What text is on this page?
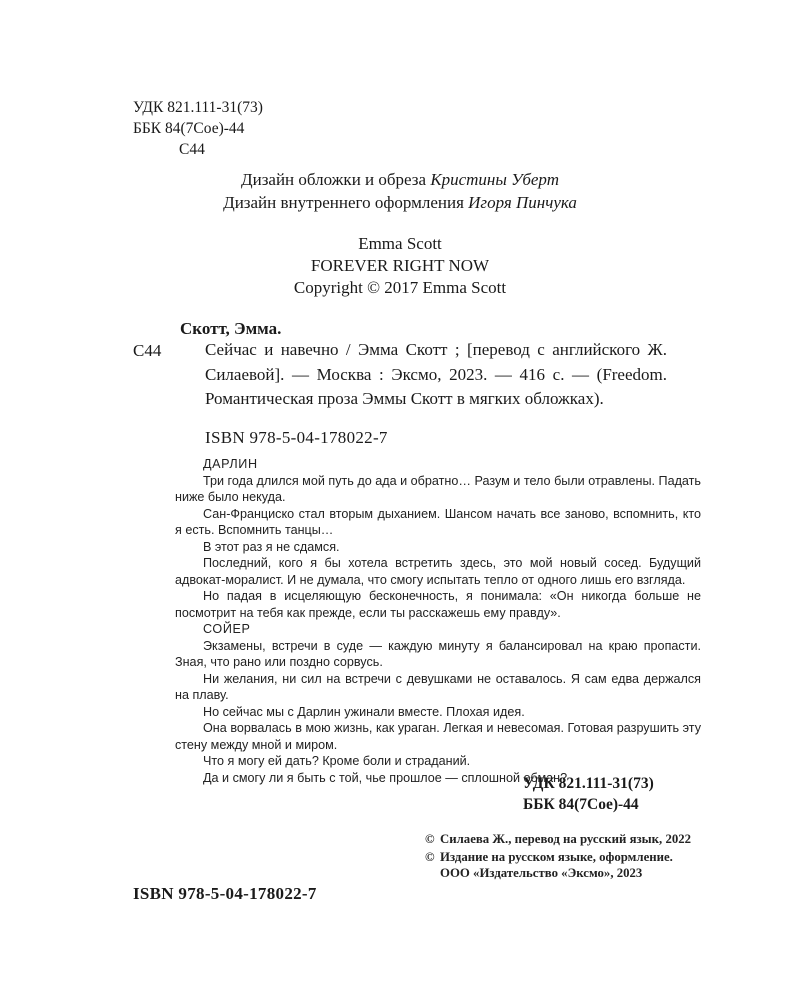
УДК 821.111-31(73)
ББК 84(7Сое)-44
С44
Дизайн обложки и обреза Кристины Уберт
Дизайн внутреннего оформления Игоря Пинчука
Emma Scott
FOREVER RIGHT NOW
Copyright © 2017 Emma Scott
Скотт, Эмма.
С44	Сейчас и навечно / Эмма Скотт ; [перевод с английского Ж. Силаевой]. — Москва : Эксмо, 2023. — 416 с. — (Freedom. Романтическая проза Эммы Скотт в мягких обложках).
ISBN 978-5-04-178022-7

ДАРЛИН

Три года длился мой путь до ада и обратно… Разум и тело были отравлены. Падать ниже было некуда.

Сан-Франциско стал вторым дыханием. Шансом начать все заново, вспомнить, кто я есть. Вспомнить танцы…

В этот раз я не сдамся.

Последний, кого я бы хотела встретить здесь, это мой новый сосед. Будущий адвокат-моралист. И не думала, что смогу испытать тепло от одного лишь его взгляда.

Но падая в исцеляющую бесконечность, я понимала: «Он никогда больше не посмотрит на тебя как прежде, если ты расскажешь ему правду».

СОЙЕР

Экзамены, встречи в суде — каждую минуту я балансировал на краю пропасти. Зная, что рано или поздно сорвусь.

Ни желания, ни сил на встречи с девушками не оставалось. Я сам едва держался на плаву.

Но сейчас мы с Дарлин ужинали вместе. Плохая идея.

Она ворвалась в мою жизнь, как ураган. Легкая и невесомая. Готовая разрушить эту стену между мной и миром.

Что я могу ей дать? Кроме боли и страданий.

Да и смогу ли я быть с той, чье прошлое — сплошной обман?

УДК 821.111-31(73)
ББК 84(7Сое)-44
© Силаева Ж., перевод на русский язык, 2022
© Издание на русском языке, оформление. ООО «Издательство «Эксмо», 2023
ISBN 978-5-04-178022-7
